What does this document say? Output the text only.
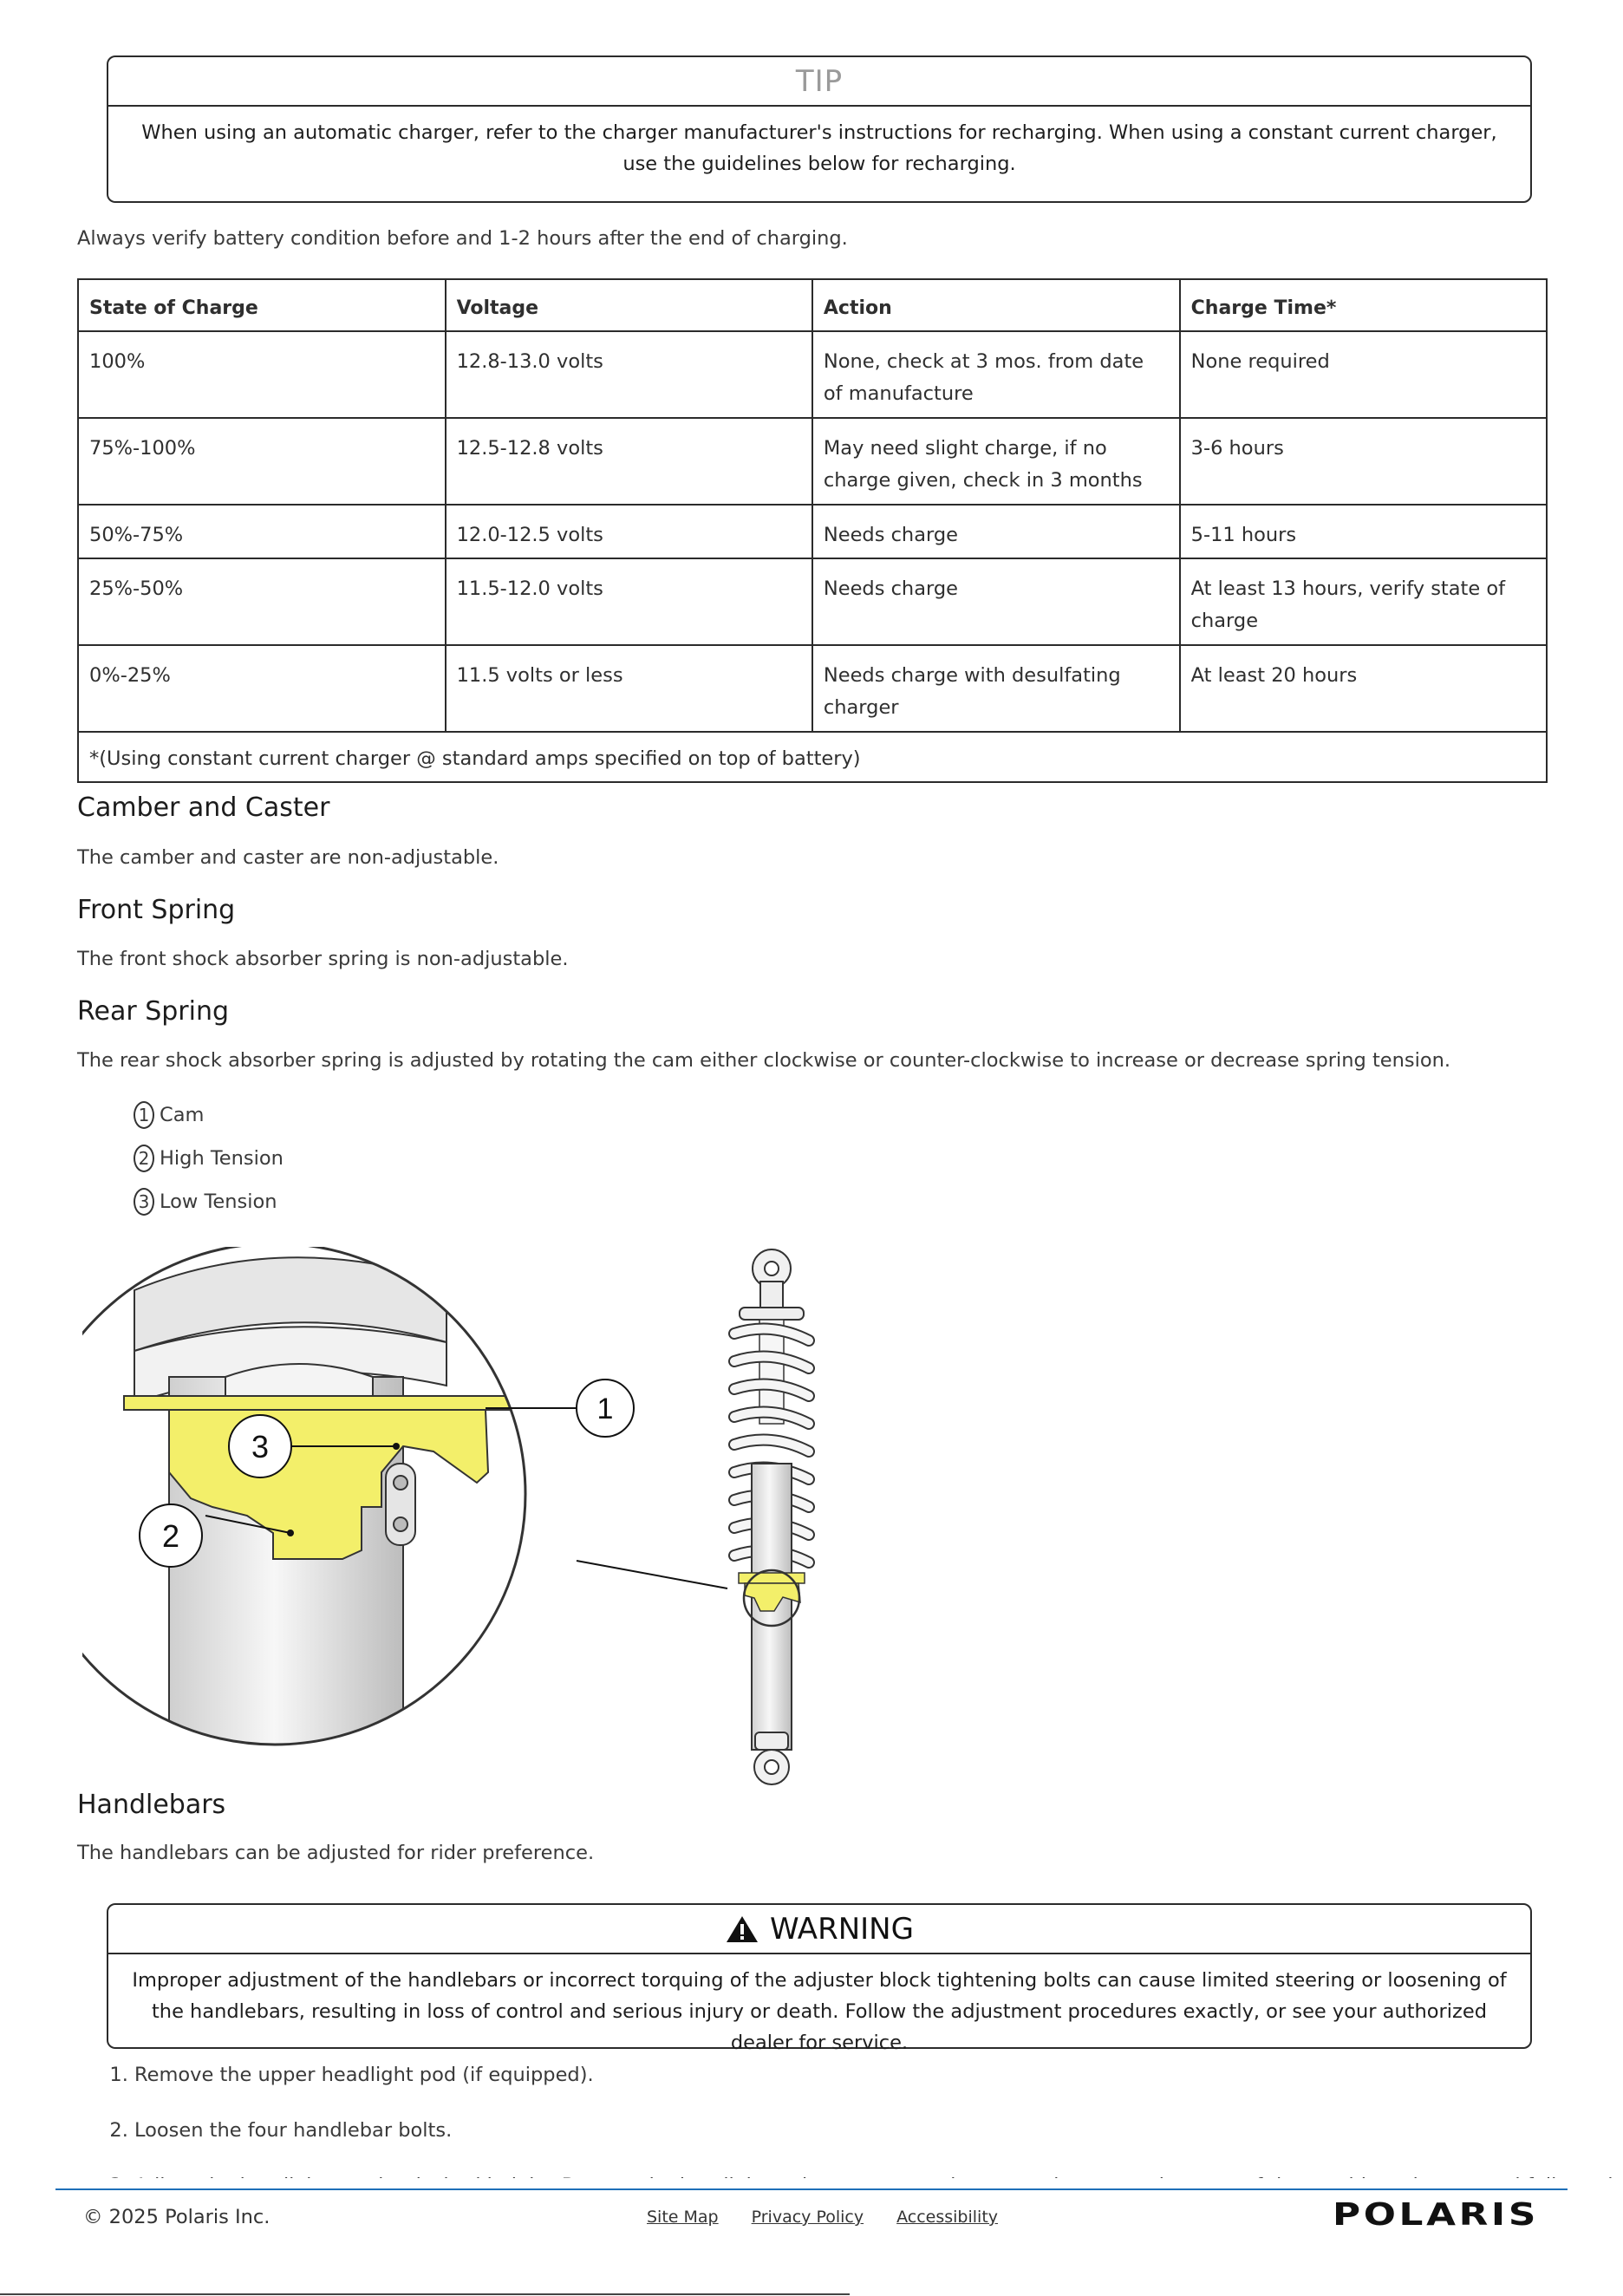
TIP
When using an automatic charger, refer to the charger manufacturer's instructions for recharging. When using a constant current charger, use the guidelines below for recharging.
Always verify battery condition before and 1-2 hours after the end of charging.
State of Charge	Voltage	Action	Charge Time*
100%	12.8-13.0 volts	None, check at 3 mos. from date of manufacture	None required
75%-100%	12.5-12.8 volts	May need slight charge, if no charge given, check in 3 months	3-6 hours
50%-75%	12.0-12.5 volts	Needs charge	5-11 hours
25%-50%	11.5-12.0 volts	Needs charge	At least 13 hours, verify state of charge
0%-25%	11.5 volts or less	Needs charge with desulfating charger	At least 20 hours
*(Using constant current charger @ standard amps specified on top of battery)			
Camber and Caster
The camber and caster are non-adjustable.
Front Spring
The front shock absorber spring is non-adjustable.
Rear Spring
The rear shock absorber spring is adjusted by rotating the cam either clockwise or counter-clockwise to increase or decrease spring tension.
1 Cam
2 High Tension
3 Low Tension
1
3
2
Handlebars
The handlebars can be adjusted for rider preference.
WARNING
Improper adjustment of the handlebars or incorrect torquing of the adjuster block tightening bolts can cause limited steering or loosening of the handlebars, resulting in loss of control and serious injury or death. Follow the adjustment procedures exactly, or see your authorized dealer for service.
1. Remove the upper headlight pod (if equipped).
2. Loosen the four handlebar bolts.
3.
© 2025 Polaris Inc.	Site Map Privacy Policy Accessibility	POLARIS
